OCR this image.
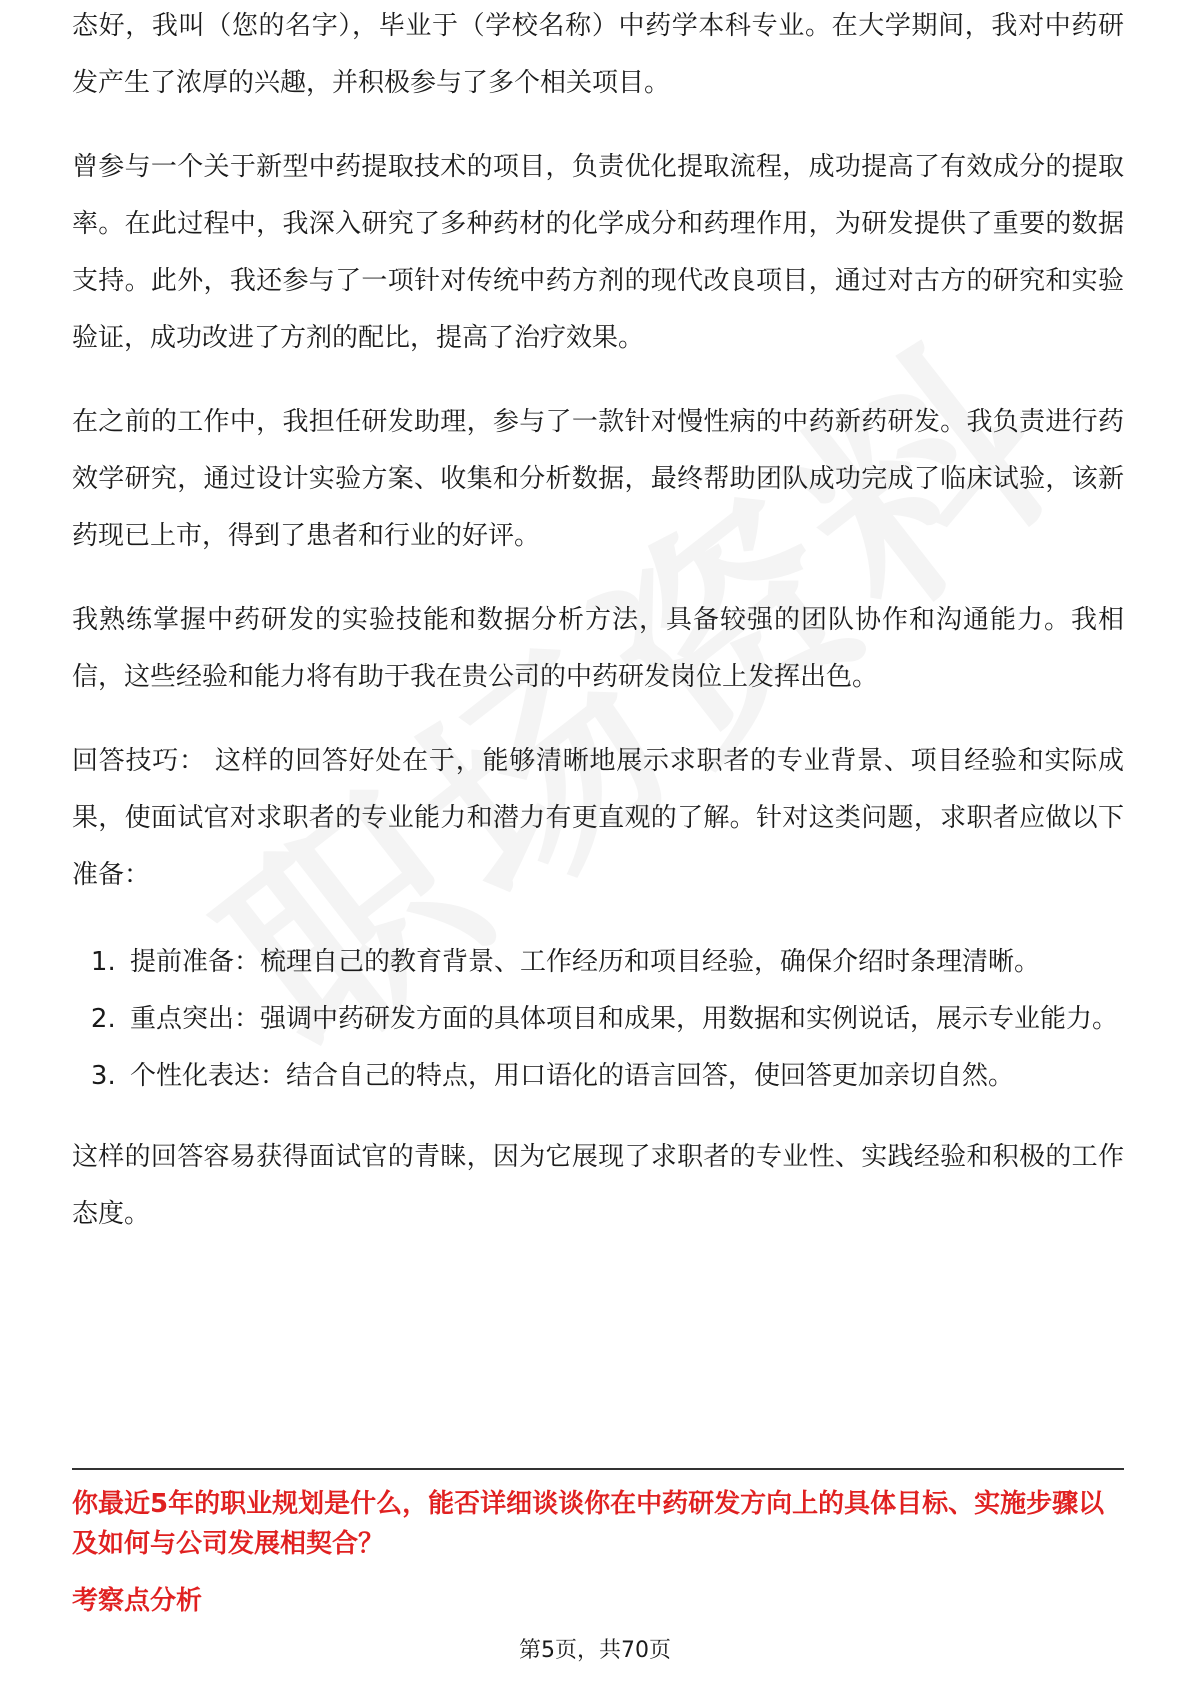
态好，我叫（您的名字），毕业于（学校名称）中药学本科专业。在大学期间，我对中药研发产生了浓厚的兴趣，并积极参与了多个相关项目。

曾参与一个关于新型中药提取技术的项目，负责优化提取流程，成功提高了有效成分的提取率。在此过程中，我深入研究了多种药材的化学成分和药理作用，为研发提供了重要的数据支持。此外，我还参与了一项针对传统中药方剂的现代改良项目，通过对古方的研究和实验验证，成功改进了方剂的配比，提高了治疗效果。

在之前的工作中，我担任研发助理，参与了一款针对慢性病的中药新药研发。我负责进行药效学研究，通过设计实验方案、收集和分析数据，最终帮助团队成功完成了临床试验，该新药现已上市，得到了患者和行业的好评。

我熟练掌握中药研发的实验技能和数据分析方法，具备较强的团队协作和沟通能力。我相信，这些经验和能力将有助于我在贵公司的中药研发岗位上发挥出色。

回答技巧： 这样的回答好处在于，能够清晰地展示求职者的专业背景、项目经验和实际成果，使面试官对求职者的专业能力和潜力有更直观的了解。针对这类问题，求职者应做以下准备：

1. 提前准备：梳理自己的教育背景、工作经历和项目经验，确保介绍时条理清晰。
2. 重点突出：强调中药研发方面的具体项目和成果，用数据和实例说话，展示专业能力。
3. 个性化表达：结合自己的特点，用口语化的语言回答，使回答更加亲切自然。

这样的回答容易获得面试官的青睐，因为它展现了求职者的专业性、实践经验和积极的工作态度。

你最近5年的职业规划是什么，能否详细谈谈你在中药研发方向上的具体目标、实施步骤以及如何与公司发展相契合？

考察点分析

第5页，共70页
